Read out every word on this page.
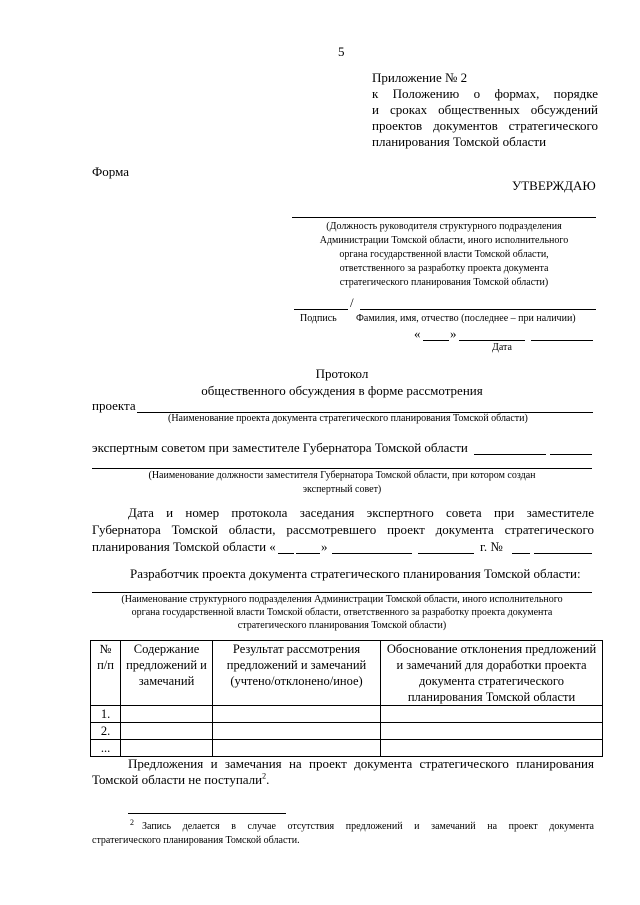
5
Приложение № 2
к Положению о формах, порядке
и сроках общественных обсуждений
проектов документов стратегического
планирования Томской области
Форма
УТВЕРЖДАЮ
(Должность руководителя структурного подразделения
Администрации Томской области, иного исполнительного
органа государственной власти Томской области,
ответственного за разработку проекта документа
стратегического планирования Томской области)
/
Подпись Фамилия, имя, отчество (последнее – при наличии)
« »
Дата
Протокол
общественного обсуждения в форме рассмотрения
проекта
(Наименование проекта документа стратегического планирования Томской области)
экспертным советом при заместителе Губернатора Томской области
(Наименование должности заместителя Губернатора Томской области, при котором создан
экспертный совет)
Дата и номер протокола заседания экспертного совета при заместителе
Губернатора Томской области, рассмотревшего проект документа стратегического
планирования Томской области «	»	г. №
Разработчик проекта документа стратегического планирования Томской области:
(Наименование структурного подразделения Администрации Томской области, иного исполнительного
органа государственной власти Томской области, ответственного за разработку проекта документа
стратегического планирования Томской области)
№ п/п	Содержание предложений и замечаний	Результат рассмотрения предложений и замечаний (учтено/отклонено/иное)	Обоснование отклонения предложений и замечаний для доработки проекта документа стратегического планирования Томской области
1.			
2.			
...			
Предложения и замечания на проект документа стратегического планирования
Томской области не поступали$^2$.
2 Запись делается в случае отсутствия предложений и замечаний на проект документа
стратегического планирования Томской области.
